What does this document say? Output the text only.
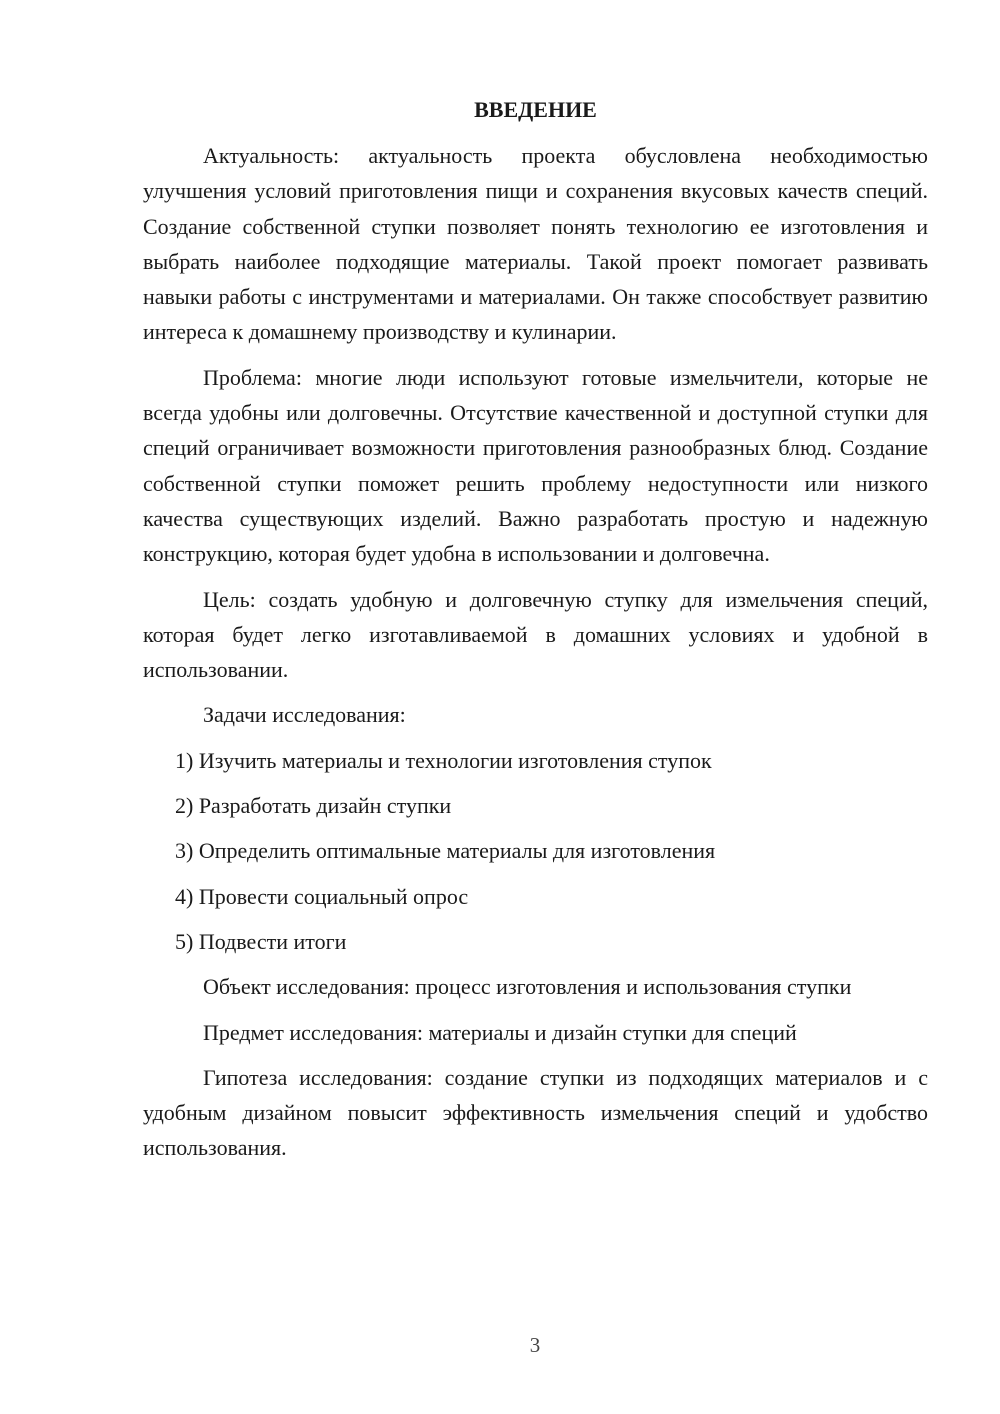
ВВЕДЕНИЕ

Актуальность: актуальность проекта обусловлена необходимостью улучшения условий приготовления пищи и сохранения вкусовых качеств специй. Создание собственной ступки позволяет понять технологию ее изготовления и выбрать наиболее подходящие материалы. Такой проект помогает развивать навыки работы с инструментами и материалами. Он также способствует развитию интереса к домашнему производству и кулинарии.

Проблема: многие люди используют готовые измельчители, которые не всегда удобны или долговечны. Отсутствие качественной и доступной ступки для специй ограничивает возможности приготовления разнообразных блюд. Создание собственной ступки поможет решить проблему недоступности или низкого качества существующих изделий. Важно разработать простую и надежную конструкцию, которая будет удобна в использовании и долговечна.

Цель: создать удобную и долговечную ступку для измельчения специй, которая будет легко изготавливаемой в домашних условиях и удобной в использовании.

Задачи исследования:

1) Изучить материалы и технологии изготовления ступок
2) Разработать дизайн ступки
3) Определить оптимальные материалы для изготовления
4) Провести социальный опрос
5) Подвести итоги

Объект исследования: процесс изготовления и использования ступки

Предмет исследования: материалы и дизайн ступки для специй

Гипотеза исследования: создание ступки из подходящих материалов и с удобным дизайном повысит эффективность измельчения специй и удобство использования.

3
